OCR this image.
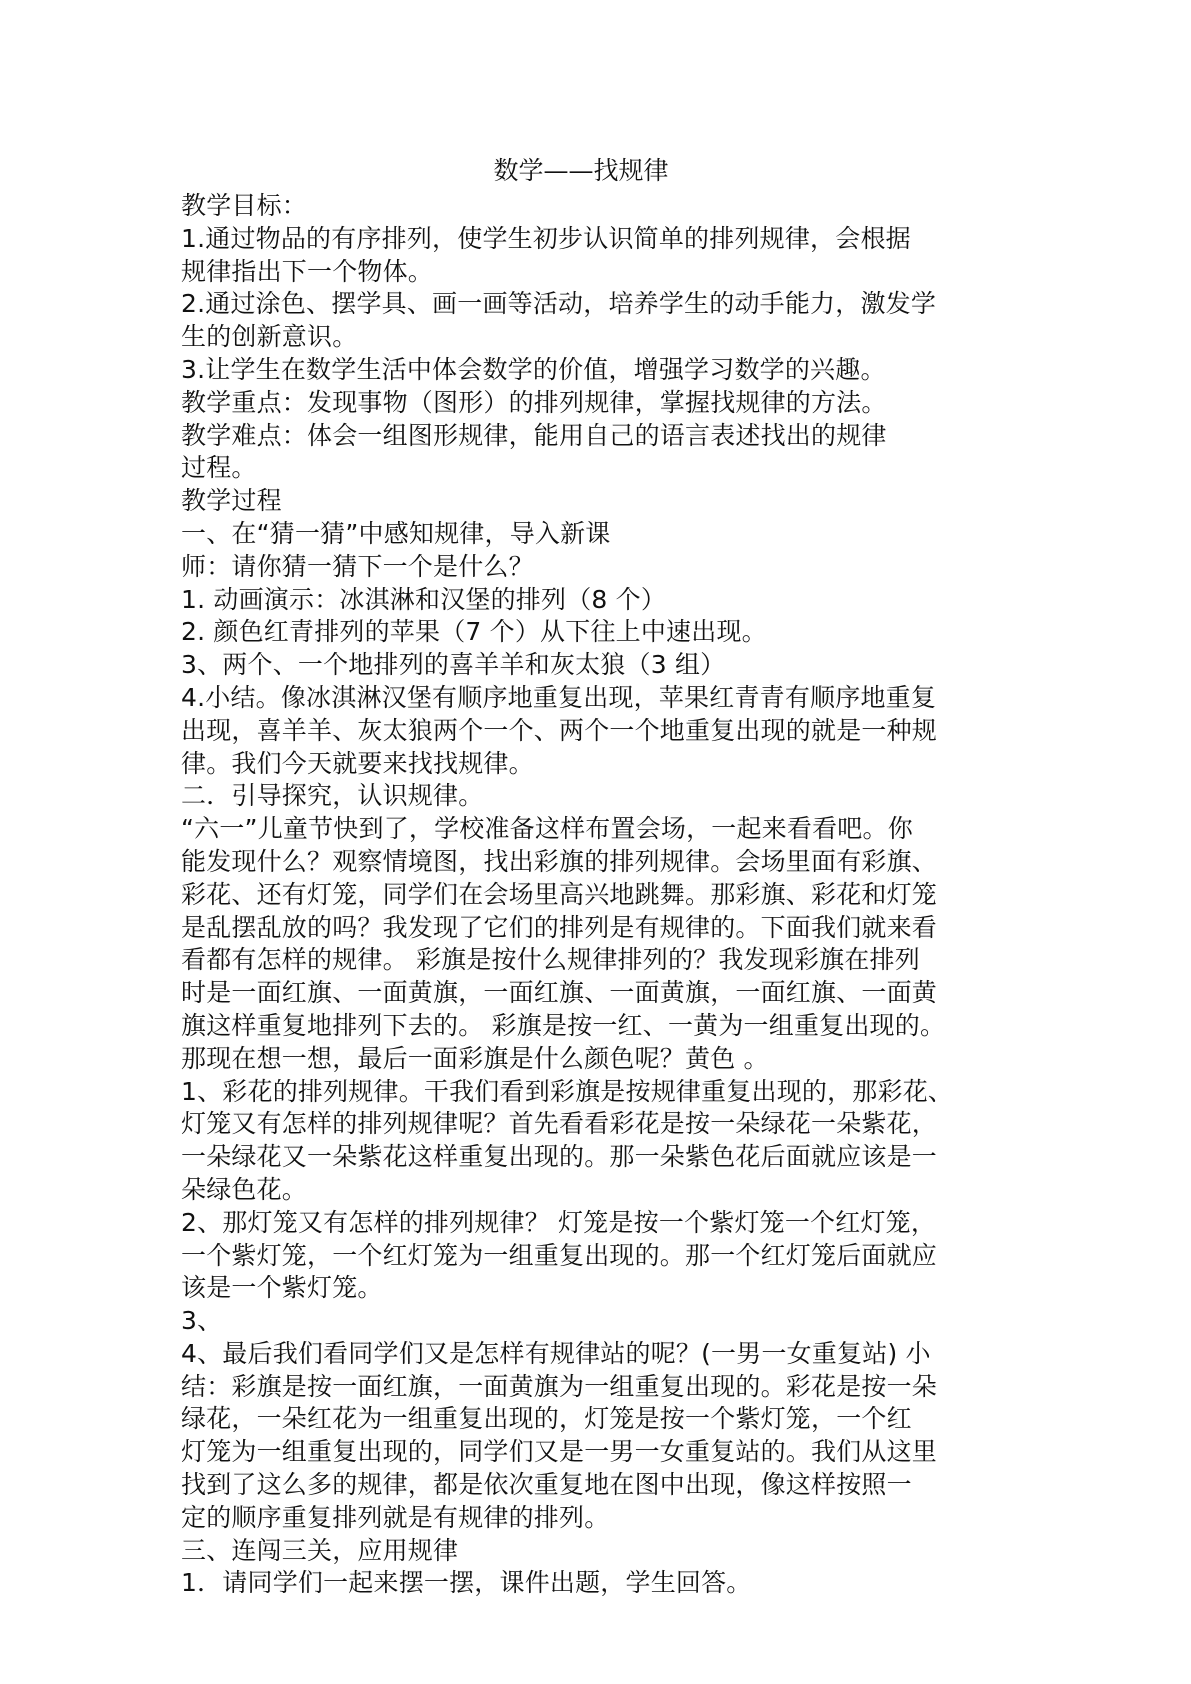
数学——找规律
教学目标：
1.通过物品的有序排列，使学生初步认识简单的排列规律，会根据
规律指出下一个物体。
2.通过涂色、摆学具、画一画等活动，培养学生的动手能力，激发学
生的创新意识。
3.让学生在数学生活中体会数学的价值，增强学习数学的兴趣。
教学重点：发现事物（图形）的排列规律，掌握找规律的方法。
教学难点：体会一组图形规律，能用自己的语言表述找出的规律
过程。
教学过程
一、在“猜一猜”中感知规律，导入新课
师：请你猜一猜下一个是什么？
1. 动画演示：冰淇淋和汉堡的排列（8 个）
2. 颜色红青排列的苹果（7 个）从下往上中速出现。
3、两个、一个地排列的喜羊羊和灰太狼（3 组）
4.小结。像冰淇淋汉堡有顺序地重复出现，苹果红青青有顺序地重复
出现，喜羊羊、灰太狼两个一个、两个一个地重复出现的就是一种规
律。我们今天就要来找找规律。
二．引导探究，认识规律。
“六一”儿童节快到了，学校准备这样布置会场，一起来看看吧。你
能发现什么？观察情境图，找出彩旗的排列规律。会场里面有彩旗、
彩花、还有灯笼，同学们在会场里高兴地跳舞。那彩旗、彩花和灯笼
是乱摆乱放的吗？我发现了它们的排列是有规律的。下面我们就来看
看都有怎样的规律。 彩旗是按什么规律排列的？我发现彩旗在排列
时是一面红旗、一面黄旗，一面红旗、一面黄旗，一面红旗、一面黄
旗这样重复地排列下去的。 彩旗是按一红、一黄为一组重复出现的。
那现在想一想，最后一面彩旗是什么颜色呢？黄色 。
1、彩花的排列规律。干我们看到彩旗是按规律重复出现的，那彩花、
灯笼又有怎样的排列规律呢？首先看看彩花是按一朵绿花一朵紫花，
一朵绿花又一朵紫花这样重复出现的。那一朵紫色花后面就应该是一
朵绿色花。
2、那灯笼又有怎样的排列规律？ 灯笼是按一个紫灯笼一个红灯笼，
一个紫灯笼，一个红灯笼为一组重复出现的。那一个红灯笼后面就应
该是一个紫灯笼。
3、
4、最后我们看同学们又是怎样有规律站的呢？(一男一女重复站) 小
结：彩旗是按一面红旗，一面黄旗为一组重复出现的。彩花是按一朵
绿花，一朵红花为一组重复出现的，灯笼是按一个紫灯笼，一个红
灯笼为一组重复出现的，同学们又是一男一女重复站的。我们从这里
找到了这么多的规律，都是依次重复地在图中出现，像这样按照一
定的顺序重复排列就是有规律的排列。
三、连闯三关，应用规律
1．请同学们一起来摆一摆，课件出题，学生回答。
